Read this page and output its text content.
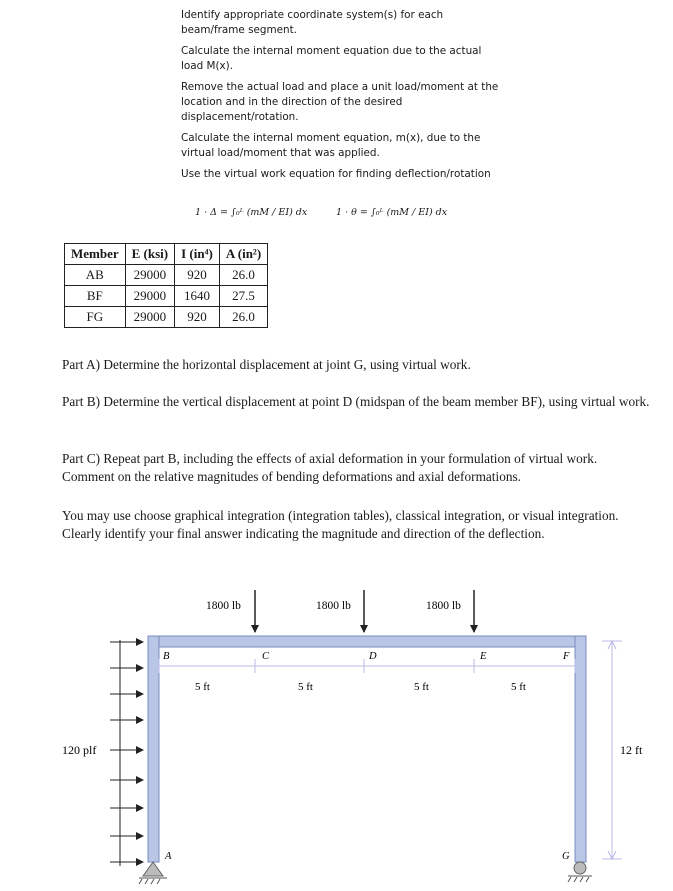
Identify appropriate coordinate system(s) for each beam/frame segment.
Calculate the internal moment equation due to the actual load M(x).
Remove the actual load and place a unit load/moment at the location and in the direction of the desired displacement/rotation.
Calculate the internal moment equation, m(x), due to the virtual load/moment that was applied.
Use the virtual work equation for finding deflection/rotation
1 · Δ = ∫₀ᴸ (mM / EI) dx	1 · θ = ∫₀ᴸ (mM / EI) dx
Member	E (ksi)	I (in⁴)	A (in²)
AB	29000	920	26.0
BF	29000	1640	27.5
FG	29000	920	26.0
Part A) Determine the horizontal displacement at joint G, using virtual work.
Part B) Determine the vertical displacement at point D (midspan of the beam member BF), using virtual work.
Part C) Repeat part B, including the effects of axial deformation in your formulation of virtual work. Comment on the relative magnitudes of bending deformations and axial deformations.
You may use choose graphical integration (integration tables), classical integration, or visual integration. Clearly identify your final answer indicating the magnitude and direction of the deflection.
120 plf
1800 lb	1800 lb	1800 lb
5 ft	5 ft	5 ft	5 ft
12 ft
A
B	C	D	E	F
G
